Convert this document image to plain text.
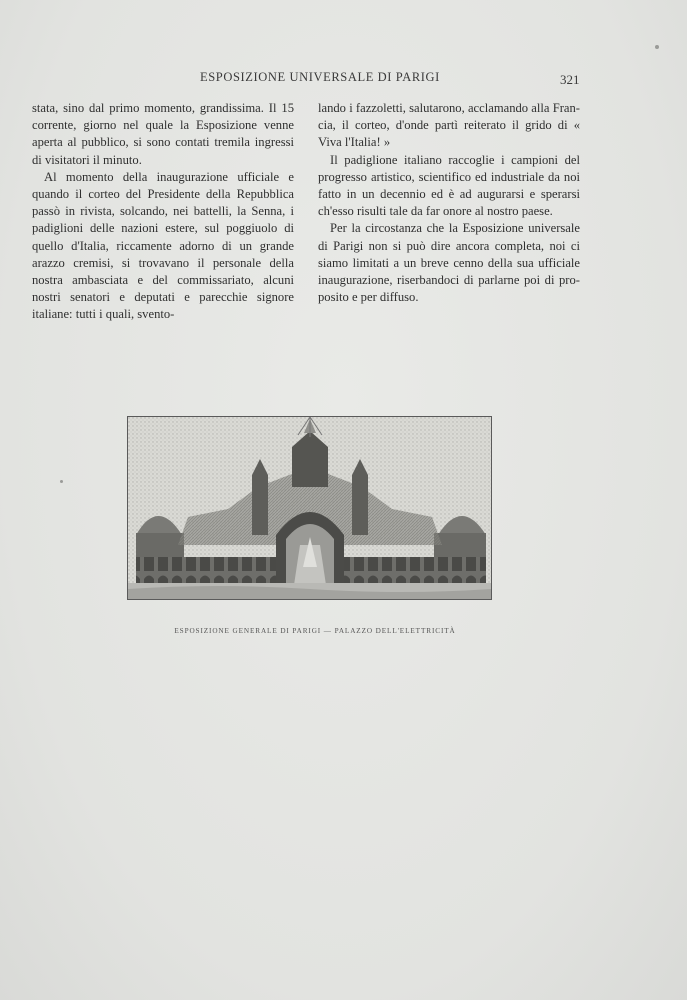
ESPOSIZIONE UNIVERSALE DI PARIGI	321

stata, sino dal primo momento, grandissima. Il 15 corrente, giorno nel quale la Esposizione venne aperta al pubblico, si sono contati tremila ingressi di visitatori il minuto.

Al momento della inaugurazione ufficiale e quando il corteo del Presidente della Repubblica passò in rivista, solcando, nei battelli, la Senna, i padiglioni delle nazioni estere, sul poggiuolo di quello d'Italia, riccamente adorno di un grande arazzo cremisi, si trovavano il personale della nostra ambasciata e del commissariato, alcuni nostri senatori e deputati e parecchie signore italiane: tutti i quali, svento-

lando i fazzoletti, salutarono, acclamando alla Francia, il corteo, d'onde partì reiterato il grido di « Viva l'Italia! »

Il padiglione italiano raccoglie i campioni del progresso artistico, scientifico ed industriale da noi fatto in un decennio ed è ad augurarsi e sperarsi ch'esso risulti tale da far onore al nostro paese.

Per la circostanza che la Esposizione universale di Parigi non si può dire ancora completa, noi ci siamo limitati a un breve cenno della sua ufficiale inaugurazione, riserbandoci di parlarne poi di proposito e per diffuso.

ESPOSIZIONE GENERALE DI PARIGI — PALAZZO DELL'ELETTRICITÀ
